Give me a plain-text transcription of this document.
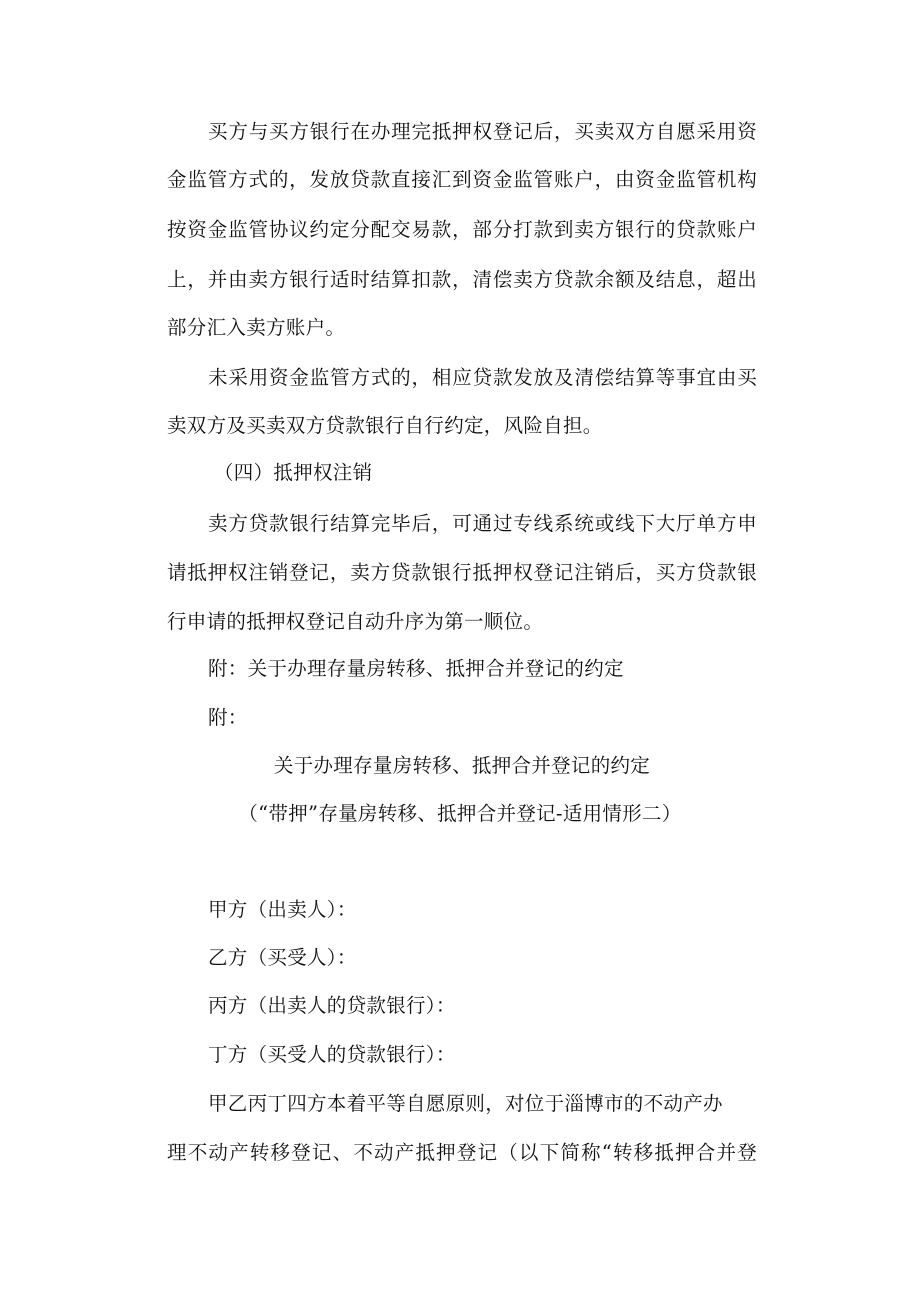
买方与买方银行在办理完抵押权登记后，买卖双方自愿采用资
金监管方式的，发放贷款直接汇到资金监管账户，由资金监管机构
按资金监管协议约定分配交易款，部分打款到卖方银行的贷款账户
上，并由卖方银行适时结算扣款，清偿卖方贷款余额及结息，超出
部分汇入卖方账户。
未采用资金监管方式的，相应贷款发放及清偿结算等事宜由买
卖双方及买卖双方贷款银行自行约定，风险自担。
（四）抵押权注销
卖方贷款银行结算完毕后，可通过专线系统或线下大厅单方申
请抵押权注销登记，卖方贷款银行抵押权登记注销后，买方贷款银
行申请的抵押权登记自动升序为第一顺位。
附：关于办理存量房转移、抵押合并登记的约定
附：
关于办理存量房转移、抵押合并登记的约定
（“带押”存量房转移、抵押合并登记-适用情形二）
甲方（出卖人）：
乙方（买受人）：
丙方（出卖人的贷款银行）：
丁方（买受人的贷款银行）：
甲乙丙丁四方本着平等自愿原则，对位于淄博市的不动产办
理不动产转移登记、不动产抵押登记（以下简称“转移抵押合并登
